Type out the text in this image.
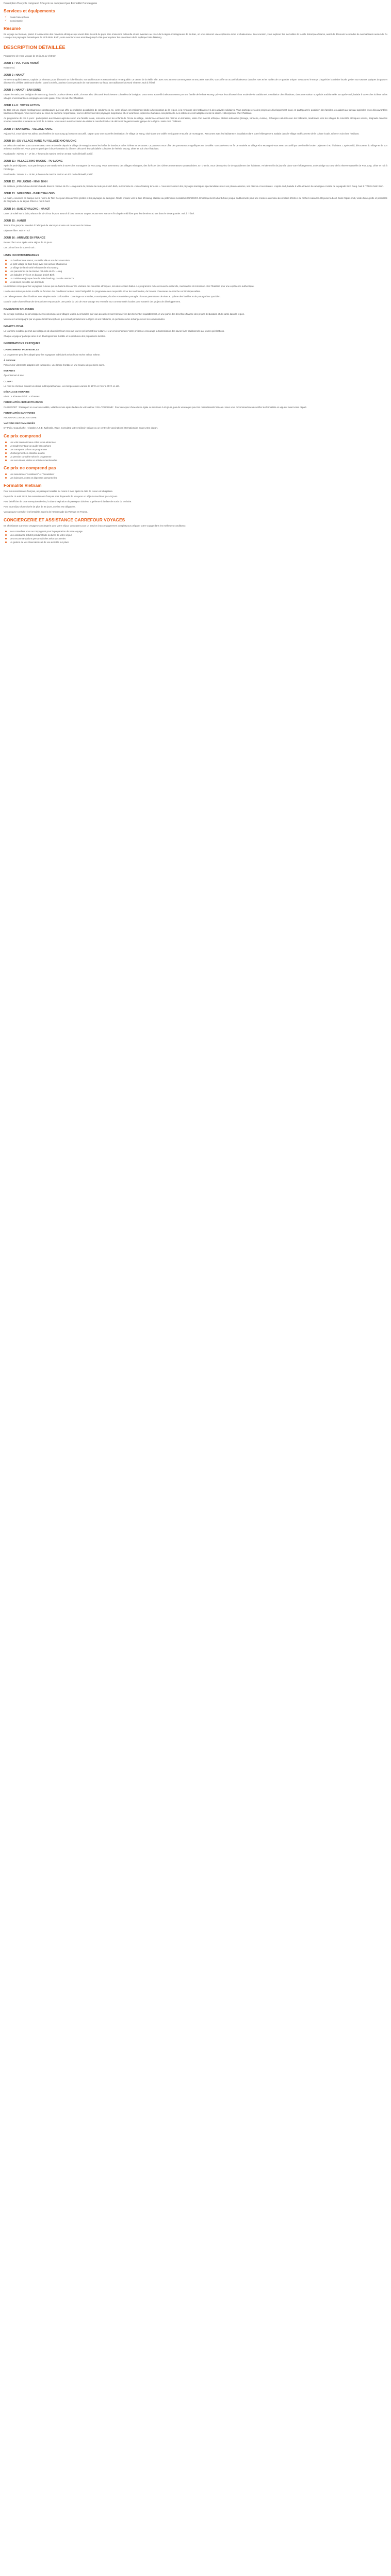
Description Du cycle comprend / Ce prix ne comprend pas Formalité Conciergerie
Services et équipements
✓ Guide francophone
✓ Conciergerie
Résumé

En voyage au Vietnam, partez à la rencontre des minorités ethniques qui vivent dans le nord du pays. Une immersion culturelle et une aventure au cœur de la région montagneuse de Sa Bac, où vous aimerez une expérience riche et chaleureuse. En excursion, vous explorez les merveilles de la ville historique d'Hanoi, avant de découvrir les rondes de nos habitants autour de Pu Luong et les paysages fantastiques de Ninh Binh. Enfin, votre aventure vous emmène jusqu'à côté pour explorer les splendeurs de la mythique baie d'Halong.

DESCRIPTION DÉTAILLÉE

Programme de votre voyage de 16 jours au Vietnam

JOUR 1 : VOL VERS HANOÏ

Nuit en vol.

JOUR 2 : HANOÏ

Arrivée tranquille à Hanoï, capitale du Vietnam, pour découvrir sa riche histoire, son architecture et son animation remarquable. Le centre de la vieille ville, avec ses 36 rues commerçantes et ses petits marchés, vous offre un accueil chaleureux dans les rues et les ruelles de ce quartier unique. Vous aurez le temps d'apprécier la cuisine locale, goûter aux saveurs typiques du pays et découvrir la célèbre cérémonie du thé. Dans la soirée, assistez à un spectacle de marionnettes sur l'eau, art traditionnel du Nord Vietnam. Nuit à l'hôtel.

JOUR 3 : HANOÏ - BAN SUNG

Départ le matin pour la région de Ban Sung, dans la province de Hoa Binh, où vous allez découvrir les richesses culturelles de la région. Vous serez accueilli chaleureusement par une famille de l'ethnie Muong qui vous fera découvrir leur mode de vie traditionnel. Installation chez l'habitant, dans une maison sur pilotis traditionnelle. En après-midi, balade à travers les rizières et les villages environnants en compagnie de votre guide. Dîner et nuit chez l'habitant.

JOUR 4 à 8 : VOTRE ACTION

De Bac est une région montagneuse spectaculaire qui vous offre de multiples possibilités de randonnées. Ici, votre séjour est entièrement dédié à l'exploration de la région, à la rencontre des habitants et à des activités solidaires. Vous participerez à des projets de développement local, en partageant le quotidien des familles, en aidant aux travaux agricoles et en découvrant les traditions ethniques. Vous serez ainsi au cœur du tourisme responsable, tout en découvrant des paysages majestueux et en vivant une expérience humaine exceptionnelle. Les activités seront adaptées selon la saison. Hébergement chez l'habitant.

Au programme de ces 5 jours : participation aux travaux agricoles avec une famille locale, rencontre avec les enfants de l'école du village, randonnée à travers les rizières en terrasses, visite d'un marché ethnique, ateliers artisanaux (tissage, vannerie, cuisine), échanges culturels avec les habitants, randonnée vers les villages de minorités ethniques voisins, baignade dans les sources naturelles et détente au bord de la rivière. Vous aurez aussi l'occasion de visiter le marché local et de découvrir la gastronomie typique de la région. Nuits chez l'habitant.

JOUR 9 : BAN SUNG - VILLAGE HANG

Aujourd'hui, vous faites vos adieux aux familles de Ban Sung qui vous ont accueilli. Départ pour une nouvelle destination : le village de Hang, situé dans une vallée verdoyante entourée de montagnes. Rencontre avec les habitants et installation dans votre hébergement. Balade dans le village et découverte de la culture locale. Dîner et nuit chez l'habitant.

JOUR 10 : DU VILLAGE HANG AU VILLAGE KHO MUONG

En début de matinée, vous commencerez une randonnée depuis le village de Hang à travers les forêts de bambous et les rizières en terrasses. Le parcours vous offre des panoramas magnifiques sur la vallée. Vous arriverez en fin de matinée au village Kho Muong où vous serez accueilli par une famille locale. Déjeuner chez l'habitant. L'après-midi, découverte du village et de son artisanat traditionnel. Vous pourrez participer à la préparation du dîner et découvrir les spécialités culinaires de l'ethnie Muong. Dîner et nuit chez l'habitant.

Randonnée : Niveau 2 – 17 km, 7 heures de marche environ et 500 m de dénivelé positif.

JOUR 11 : VILLAGE KHO MUONG - PU LUONG

Après le petit-déjeuner, vous partirez pour une randonnée à travers les montagnes de Pu Luong. Vous traverserez des villages ethniques, des forêts et des rizières en terrasses spectaculaires. En chemin, vous découvrirez la vie quotidienne des habitants. Arrivée en fin de journée dans votre hébergement, un écolodge au cœur de la réserve naturelle de Pu Luong. Dîner et nuit à l'écolodge.

Randonnée : Niveau 2 – 15 km, 6 heures de marche environ et 400 m de dénivelé positif.

JOUR 12 : PU LUONG - NINH BINH

En matinée, profitez d'une dernière balade dans la réserve de Pu Luong avant de prendre la route pour Ninh Binh, surnommée la « baie d'Halong terrestre ». Vous découvrirez des paysages karstiques spectaculaires avec ses pitons calcaires, ses rizières et ses rivières. L'après-midi, balade à vélo à travers la campagne et visite de la pagode Bich Dong. Nuit à l'hôtel à Ninh Binh.

JOUR 13 : NINH BINH - BAIE D'HALONG

Le matin, excursion en barque sur la rivière de Tam Coc pour découvrir les grottes et les paysages de la région. Route ensuite vers la baie d'Halong, classée au patrimoine mondial de l'UNESCO. Embarquement à bord d'une jonque traditionnelle pour une croisière au milieu des milliers d'îlots et de rochers calcaires. Déjeuner à bord. Dans l'après-midi, visite d'une grotte et possibilité de baignade ou de kayak. Dîner et nuit à bord.

JOUR 14 : BAIE D'HALONG - HANOÏ

Lever de soleil sur la baie, séance de tai-chi sur le pont. Brunch à bord et retour au port. Route vers Hanoï et fin d'après-midi libre pour les derniers achats dans le vieux quartier. Nuit à l'hôtel.

JOUR 15 : HANOÏ

Temps libre jusqu'au transfert à l'aéroport de Hanoï pour votre vol retour vers la France.

Déjeuner libre. Nuit en vol.

JOUR 16 : ARRIVÉE EN FRANCE

Retour chez vous après votre séjour de 16 jours.

Les points forts de votre circuit :

LISTE INCONTOURNABLES
La bouillonnante Hanoï, sa vieille ville et son lac Hoan Kiem
Le petit village de Ban Sung avec son accueil chaleureux
Le village de la minorité ethnique de Kho Muong
Les panoramas de la réserve naturelle de Pu Luong
Les balades à vélo et en barque à Ninh Binh
La croisière en jonque dans la baie d'Halong, classée UNESCO
L'extension possible sur demande

Un itinéraire conçu pour les voyageurs curieux qui souhaitent découvrir le Vietnam des minorités ethniques, loin des sentiers battus. Le programme mêle découverte culturelle, randonnées et immersion chez l'habitant pour une expérience authentique.

L'ordre des visites peut être modifié en fonction des conditions locales, mais l'intégralité du programme sera respectée. Pour les randonnées, de bonnes chaussures de marche sont indispensables.

Les hébergements chez l'habitant sont simples mais confortables : couchage sur matelas, moustiquaire, douche et sanitaires partagés. Ils vous permettront de vivre au rythme des familles et de partager leur quotidien.

Dans le cadre d'une démarche de tourisme responsable, une partie du prix de votre voyage est reversée aux communautés locales pour soutenir des projets de développement.

DIMENSION SOLIDAIRE

Ce voyage contribue au développement économique des villages visités. Les familles qui vous accueillent sont rémunérées directement et équitablement, et une partie des bénéfices finance des projets d'éducation et de santé dans la région.

Vous serez accompagné par un guide local francophone qui connaît parfaitement la région et ses habitants, et qui facilitera les échanges avec les communautés.

IMPACT LOCAL

Le tourisme solidaire permet aux villageois de diversifier leurs revenus tout en préservant leur culture et leur environnement. Votre présence encourage la transmission des savoir-faire traditionnels aux jeunes générations.

Chaque voyageur participe ainsi à un développement durable et respectueux des populations locales.

INFORMATIONS PRATIQUES
CHANGEMENT INDIVIDUELLE

Le programme peut être adapté pour les voyageurs individuels selon leurs envies et leur rythme.

À SAVOIR

Prévoir des vêtements adaptés à la randonnée, une lampe frontale et une trousse de premiers soins.

ENFANTS

Âge minimum 8 ans.

CLIMAT

Le nord du Vietnam connaît un climat subtropical humide. Les températures varient de 15°C en hiver à 35°C en été.

DÉCALAGE HORAIRE

Hiver : + 6 heures / Été : + 5 heures

FORMALITÉS ADMINISTRATIVES

PASSEPORT : Passeport en cours de validité, valable 6 mois après la date de votre retour. VISA TOURISME : Pour un séjour d'une durée égale ou inférieure à 45 jours, pas de visa requis pour les ressortissants français. Nous vous recommandons de vérifier les formalités en vigueur avant votre départ.

FORMALITÉS SANITAIRES

AUCUN VACCIN OBLIGATOIRE

VACCINS RECOMMANDÉS

DT Polio, Coqueluche, Hépatites A & B, Typhoïde, Rage. Consultez votre médecin traitant ou un centre de vaccinations internationales avant votre départ.

Ce prix comprend
Les vols internationaux et les taxes aériennes
L'encadrement par un guide francophone
Les transports prévus au programme
L'hébergement en chambre double
La pension complète selon le programme
Les excursions, visites et activités mentionnées
Ce prix ne comprend pas
Les assurances "Assistance" et "Annulation"
Les boissons, extras et dépenses personnelles
Formalité Vietnam

Pour les ressortissants français, un passeport valable au moins 6 mois après la date de retour est obligatoire.

Depuis le 15 août 2023, les ressortissants français sont dispensés de visa pour un séjour n'excédant pas 45 jours.

Pour bénéficier de cette exemption de visa, la date d'expiration du passeport doit être supérieure à la date de sortie du territoire.

Pour tout séjour d'une durée de plus de 45 jours, un visa est obligatoire.

Vous pouvez consulter les formalités auprès de l'ambassade du Vietnam en France.

CONCIERGERIE ET ASSISTANCE CARREFOUR VOYAGES

En choisissant Carrefour Voyages Conciergerie pour votre séjour, vous optez pour un service d'accompagnement complet pour préparer votre voyage dans les meilleures conditions :

Nos conseillers vous accompagnent pour la préparation de votre voyage
Une assistance 24h/24 pendant toute la durée de votre séjour
Des recommandations personnalisées selon vos envies
La gestion de vos réservations et de vos activités sur place
